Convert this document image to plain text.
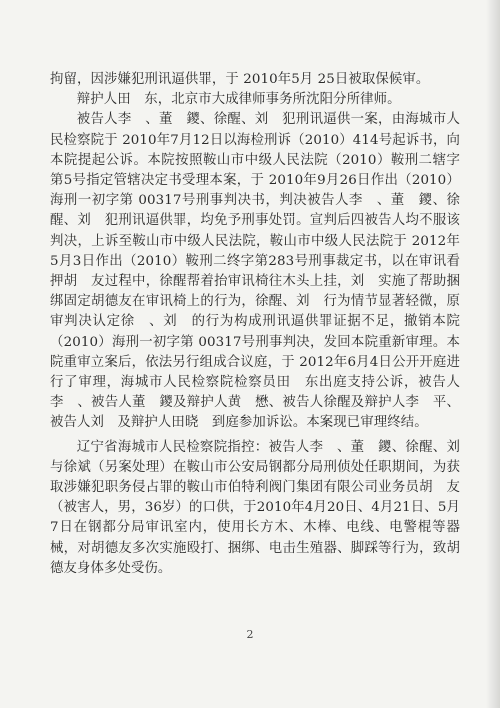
拘留，因涉嫌犯刑讯逼供罪，于 2010年5月 25日被取保候审。

辩护人田　东，北京市大成律师事务所沈阳分所律师。

被告人李　、董　鑁、徐醒、刘　犯刑讯逼供一案，由海城市人民检察院于 2010年7月12日以海检刑诉（2010）414号起诉书，向本院提起公诉。本院按照鞍山市中级人民法院（2010）鞍刑二辖字第5号指定管辖决定书受理本案，于 2010年9月26日作出（2010）海刑一初字第 00317号刑事判决书，判决被告人李　、董　鑁、徐醒、刘　犯刑讯逼供罪，均免予刑事处罚。宣判后四被告人均不服该判决，上诉至鞍山市中级人民法院，鞍山市中级人民法院于 2012年5月3日作出（2010）鞍刑二终字第283号刑事裁定书，以在审讯看押胡　友过程中，徐醒帮着抬审讯椅往木头上挂，刘　实施了帮助捆绑固定胡德友在审讯椅上的行为，徐醒、刘　行为情节显著轻微，原审判决认定徐　、刘　的行为构成刑讯逼供罪证据不足，撤销本院（2010）海刑一初字第 00317号刑事判决，发回本院重新审理。本院重审立案后，依法另行组成合议庭，于 2012年6月4日公开开庭进行了审理，海城市人民检察院检察员田　东出庭支持公诉，被告人李　、被告人董　鑁及辩护人黄　懋、被告人徐醒及辩护人李　平、被告人刘　及辩护人田晓　到庭参加诉讼。本案现已审理终结。

辽宁省海城市人民检察院指控：被告人李　、董　鑁、徐醒、刘　与徐斌（另案处理）在鞍山市公安局钢都分局刑侦处任职期间，为获取涉嫌犯职务侵占罪的鞍山市伯特利阀门集团有限公司业务员胡　友（被害人，男，36岁）的口供，于2010年4月20日、4月21日、5月7日在钢都分局审讯室内，使用长方木、木棒、电线、电警棍等器械，对胡德友多次实施殴打、捆绑、电击生殖器、脚踩等行为，致胡德友身体多处受伤。

2
